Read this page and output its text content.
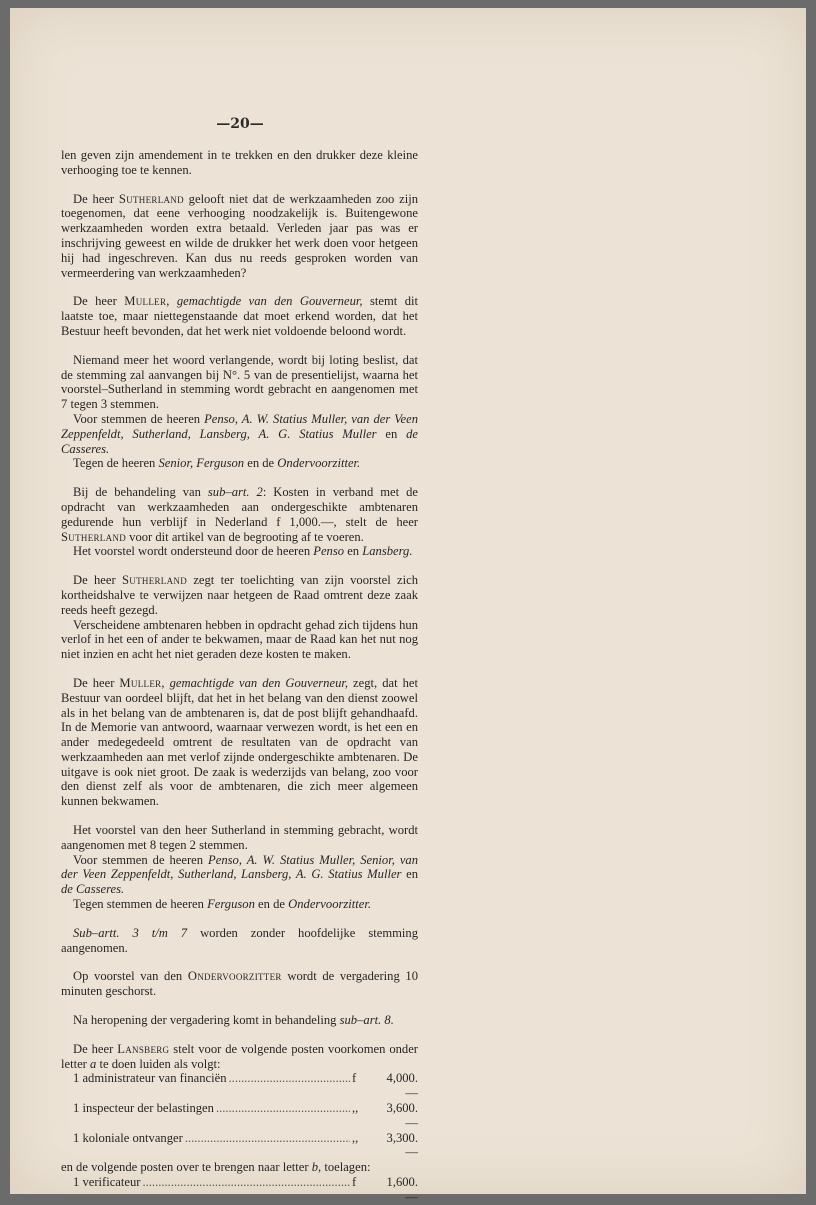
—20—

len geven zijn amendement in te trekken en den drukker deze kleine verhooging toe te kennen.

De heer Sutherland gelooft niet dat de werkzaamheden zoo zijn toegenomen, dat eene verhooging noodzakelijk is. Buitengewone werkzaamheden worden extra betaald. Verleden jaar pas was er inschrijving geweest en wilde de drukker het werk doen voor hetgeen hij had ingeschreven. Kan dus nu reeds gesproken worden van vermeerdering van werkzaamheden?

De heer Muller, gemachtigde van den Gouverneur, stemt dit laatste toe, maar niettegenstaande dat moet erkend worden, dat het Bestuur heeft bevonden, dat het werk niet voldoende beloond wordt.

Niemand meer het woord verlangende, wordt bij loting beslist, dat de stemming zal aanvangen bij N°. 5 van de presentielijst, waarna het voorstel–Sutherland in stemming wordt gebracht en aangenomen met 7 tegen 3 stemmen.
Voor stemmen de heeren Penso, A. W. Statius Muller, van der Veen Zeppenfeldt, Sutherland, Lansberg, A. G. Statius Muller en de Casseres.
Tegen de heeren Senior, Ferguson en de Ondervoorzitter.
Bij de behandeling van sub–art. 2: Kosten in verband met de opdracht van werkzaamheden aan ondergeschikte ambtenaren gedurende hun verblijf in Nederland f 1,000.—, stelt de heer Sutherland voor dit artikel van de begrooting af te voeren.
Het voorstel wordt ondersteund door de heeren Penso en Lansberg.
De heer Sutherland zegt ter toelichting van zijn voorstel zich kortheidshalve te verwijzen naar hetgeen de Raad omtrent deze zaak reeds heeft gezegd.
Verscheidene ambtenaren hebben in opdracht gehad zich tijdens hun verlof in het een of ander te bekwamen, maar de Raad kan het nut nog niet inzien en acht het niet geraden deze kosten te maken.

De heer Muller, gemachtigde van den Gouverneur, zegt, dat het Bestuur van oordeel blijft, dat het in het belang van den dienst zoowel als in het belang van de ambtenaren is, dat de post blijft gehandhaafd. In de Memorie van antwoord, waarnaar verwezen wordt, is het een en ander medegedeeld omtrent de resultaten van de opdracht van werkzaamheden aan met verlof zijnde ondergeschikte ambtenaren. De uitgave is ook niet groot. De zaak is wederzijds van belang, zoo voor den dienst zelf als voor de ambtenaren, die zich meer algemeen kunnen bekwamen.

Het voorstel van den heer Sutherland in stemming gebracht, wordt aangenomen met 8 tegen 2 stemmen.
Voor stemmen de heeren Penso, A. W. Statius Muller, Senior, van der Veen Zeppenfeldt, Sutherland, Lansberg, A. G. Statius Muller en de Casseres.
Tegen stemmen de heeren Ferguson en de Ondervoorzitter.

Sub–artt. 3 t/m 7 worden zonder hoofdelijke stemming aangenomen.

Op voorstel van den Ondervoorzitter wordt de vergadering 10 minuten geschorst.

Na heropening der vergadering komt in behandeling sub–art. 8.

De heer Lansberg stelt voor de volgende posten voorkomen onder letter a te doen luiden als volgt:
1 administrateur van financiën .....	f	4,000.—
1 inspecteur der belastingen .....	,,	3,600.—
1 koloniale ontvanger .....	,,	3,300.—
en de volgende posten over te brengen naar letter b, toelagen:
1 verificateur .....	f	1,600.—
